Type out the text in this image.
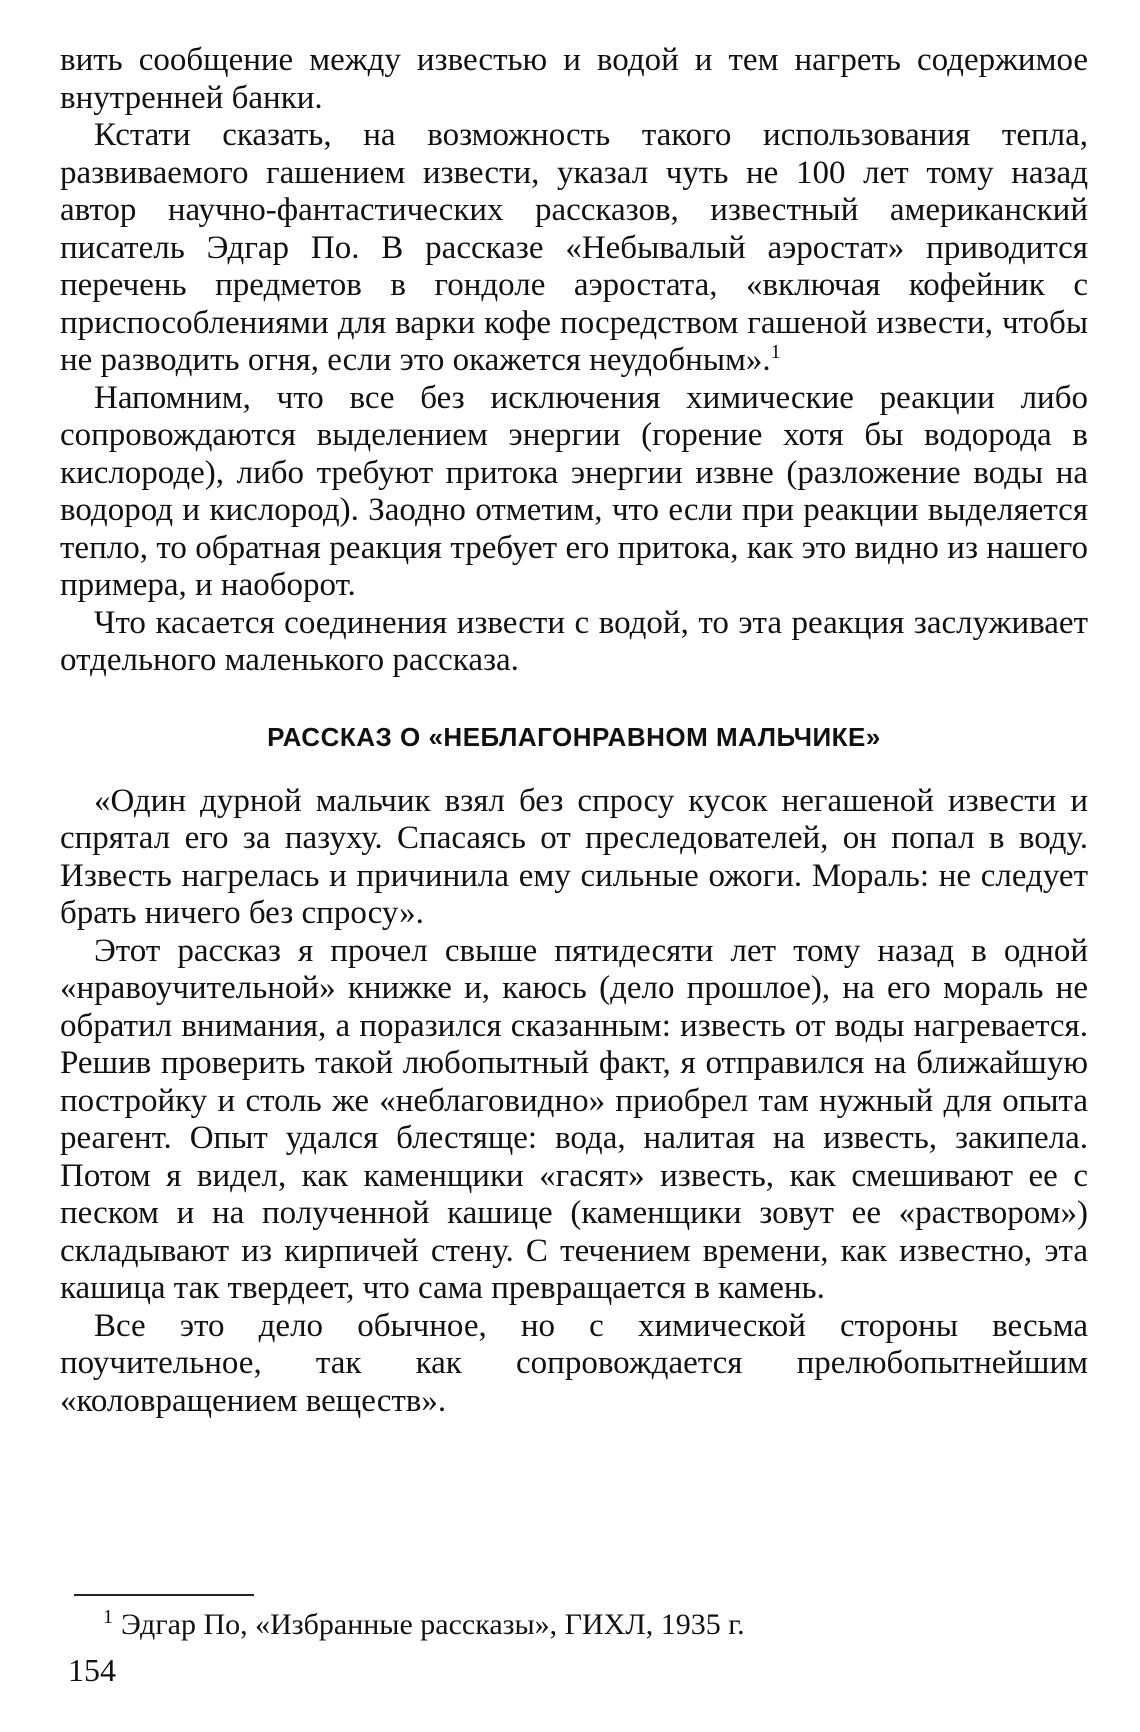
вить сообщение между известью и водой и тем нагреть содержимое внутренней банки.

Кстати сказать, на возможность такого использования тепла, развиваемого гашением извести, указал чуть не 100 лет тому назад автор научно-фантастических рассказов, известный американский писатель Эдгар По. В рассказе «Небывалый аэростат» приводится перечень предметов в гондоле аэростата, «включая кофейник с приспособлениями для варки кофе посредством гашеной извести, чтобы не разводить огня, если это окажется неудобным».$^1$

Напомним, что все без исключения химические реакции либо сопровождаются выделением энергии (горение хотя бы водорода в кислороде), либо требуют притока энергии извне (разложение воды на водород и кислород). Заодно отметим, что если при реакции выделяется тепло, то обратная реакция требует его притока, как это видно из нашего примера, и наоборот.

Что касается соединения извести с водой, то эта реакция заслуживает отдельного маленького рассказа.

РАССКАЗ О «НЕБЛАГОНРАВНОМ МАЛЬЧИКЕ»

«Один дурной мальчик взял без спросу кусок негашеной извести и спрятал его за пазуху. Спасаясь от преследователей, он попал в воду. Известь нагрелась и причинила ему сильные ожоги. Мораль: не следует брать ничего без спросу».

Этот рассказ я прочел свыше пятидесяти лет тому назад в одной «нравоучительной» книжке и, каюсь (дело прошлое), на его мораль не обратил внимания, а поразился сказанным: известь от воды нагревается. Решив проверить такой любопытный факт, я отправился на ближайшую постройку и столь же «неблаговидно» приобрел там нужный для опыта реагент. Опыт удался блестяще: вода, налитая на известь, закипела. Потом я видел, как каменщики «гасят» известь, как смешивают ее с песком и на полученной кашице (каменщики зовут ее «раствором») складывают из кирпичей стену. С течением времени, как известно, эта кашица так твердеет, что сама превращается в камень.

Все это дело обычное, но с химической стороны весьма поучительное, так как сопровождается прелюбопытнейшим «коловращением веществ».

$^1$ Эдгар По, «Избранные рассказы», ГИХЛ, 1935 г.

154
